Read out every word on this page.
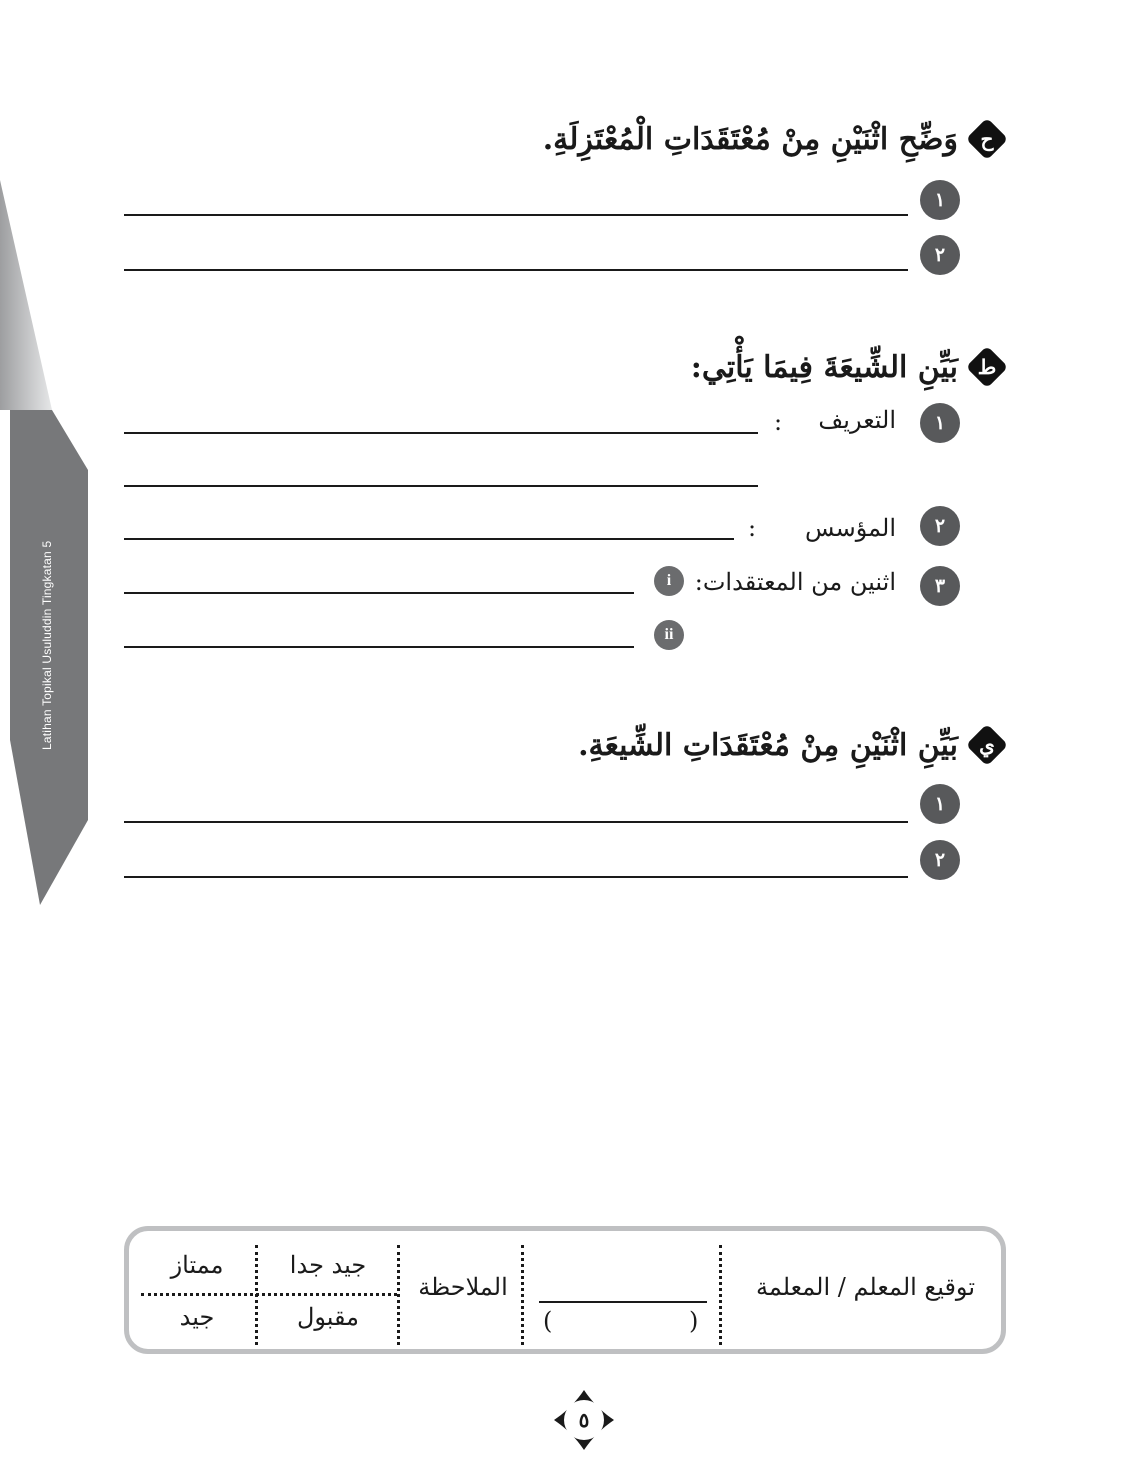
Latihan Topikal Usuluddin Tingkatan 5
ح
وَضِّحِ اثْنَيْنِ مِنْ مُعْتَقَدَاتِ الْمُعْتَزِلَةِ.
١
٢
ط
بَيِّنِ الشِّيعَةَ فِيمَا يَأْتِي:
١
التعريف
:
٢
المؤسس
:
٣
اثنين من المعتقدات:
i
ii
ي
بَيِّنِ اثْنَيْنِ مِنْ مُعْتَقَدَاتِ الشِّيعَةِ.
١
٢
توقيع المعلم / المعلمة
(	)
الملاحظة
جيد جدا
ممتاز
مقبول
جيد
٥
